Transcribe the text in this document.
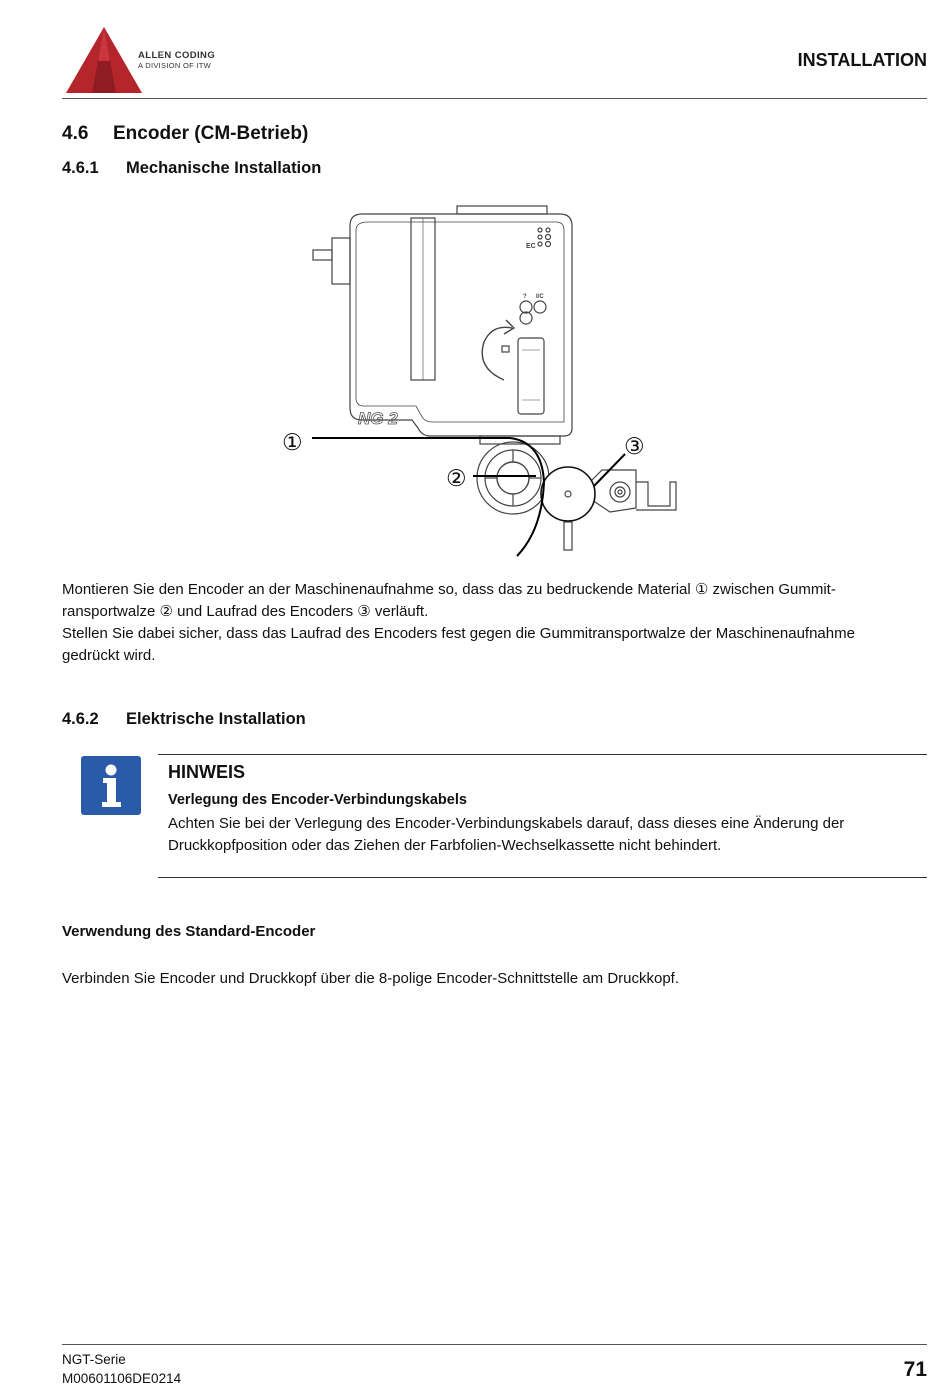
ALLEN CODING
A DIVISION OF ITW	INSTALLATION
4.6 Encoder (CM-Betrieb)
4.6.1 Mechanische Installation
EC
? I/C
NG 2
①
②
③

Montieren Sie den Encoder an der Maschinenaufnahme so, dass das zu bedruckende Material ① zwischen Gummit-

ransportwalze ② und Laufrad des Encoders ③ verläuft.

Stellen Sie dabei sicher, dass das Laufrad des Encoders fest gegen die Gummitransportwalze der Maschinenaufnahme

gedrückt wird.

4.6.2 Elektrische Installation
HINWEIS
Verlegung des Encoder-Verbindungskabels
Achten Sie bei der Verlegung des Encoder-Verbindungskabels darauf, dass dieses eine Änderung der Druckkopfposition oder das Ziehen der Farbfolien-Wechselkassette nicht behindert.
Verwendung des Standard-Encoder
Verbinden Sie Encoder und Druckkopf über die 8-polige Encoder-Schnittstelle am Druckkopf.
NGT-Serie
M00601106DE0214	71
